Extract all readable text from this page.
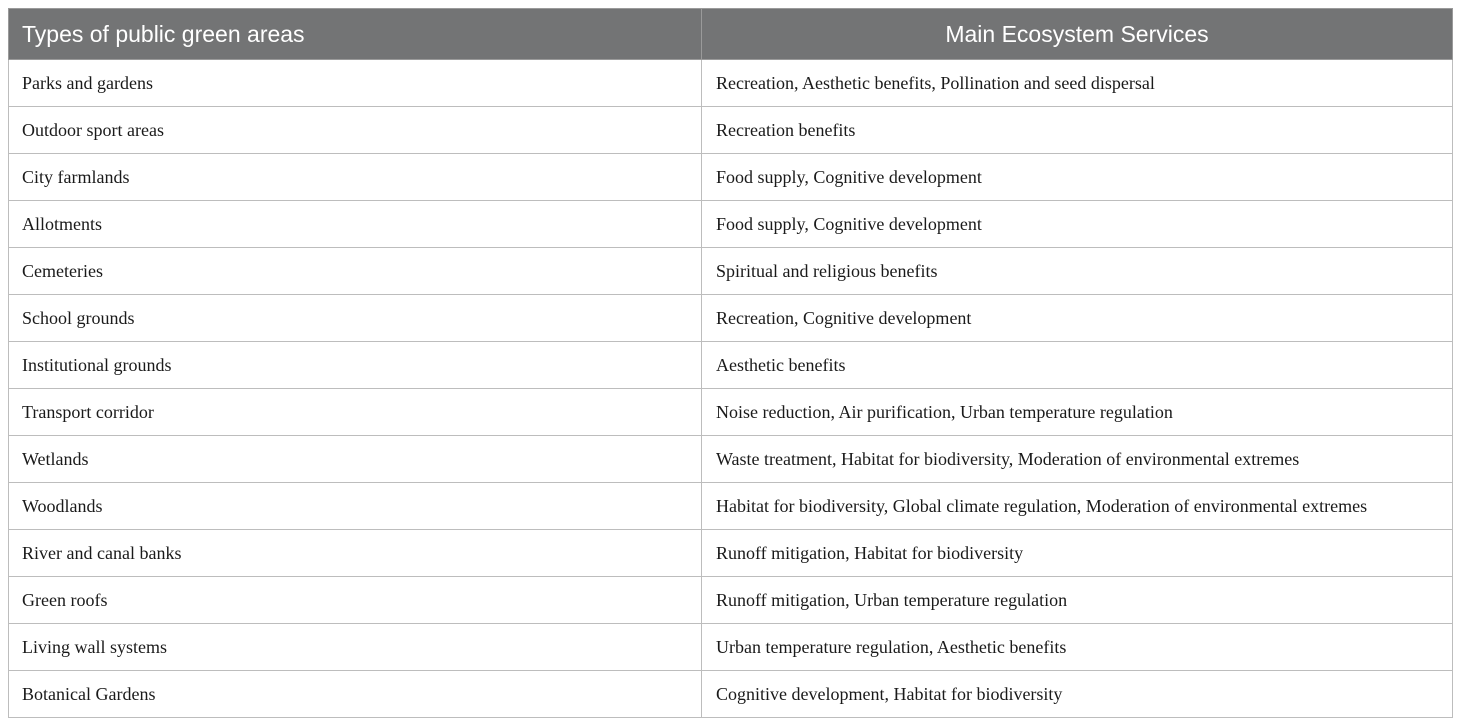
Types of public green areas	Main Ecosystem Services
Parks and gardens	Recreation, Aesthetic benefits, Pollination and seed dispersal
Outdoor sport areas	Recreation benefits
City farmlands	Food supply, Cognitive development
Allotments	Food supply, Cognitive development
Cemeteries	Spiritual and religious benefits
School grounds	Recreation, Cognitive development
Institutional grounds	Aesthetic benefits
Transport corridor	Noise reduction, Air purification, Urban temperature regulation
Wetlands	Waste treatment, Habitat for biodiversity, Moderation of environmental extremes
Woodlands	Habitat for biodiversity, Global climate regulation, Moderation of environmental extremes
River and canal banks	Runoff mitigation, Habitat for biodiversity
Green roofs	Runoff mitigation, Urban temperature regulation
Living wall systems	Urban temperature regulation, Aesthetic benefits
Botanical Gardens	Cognitive development, Habitat for biodiversity
